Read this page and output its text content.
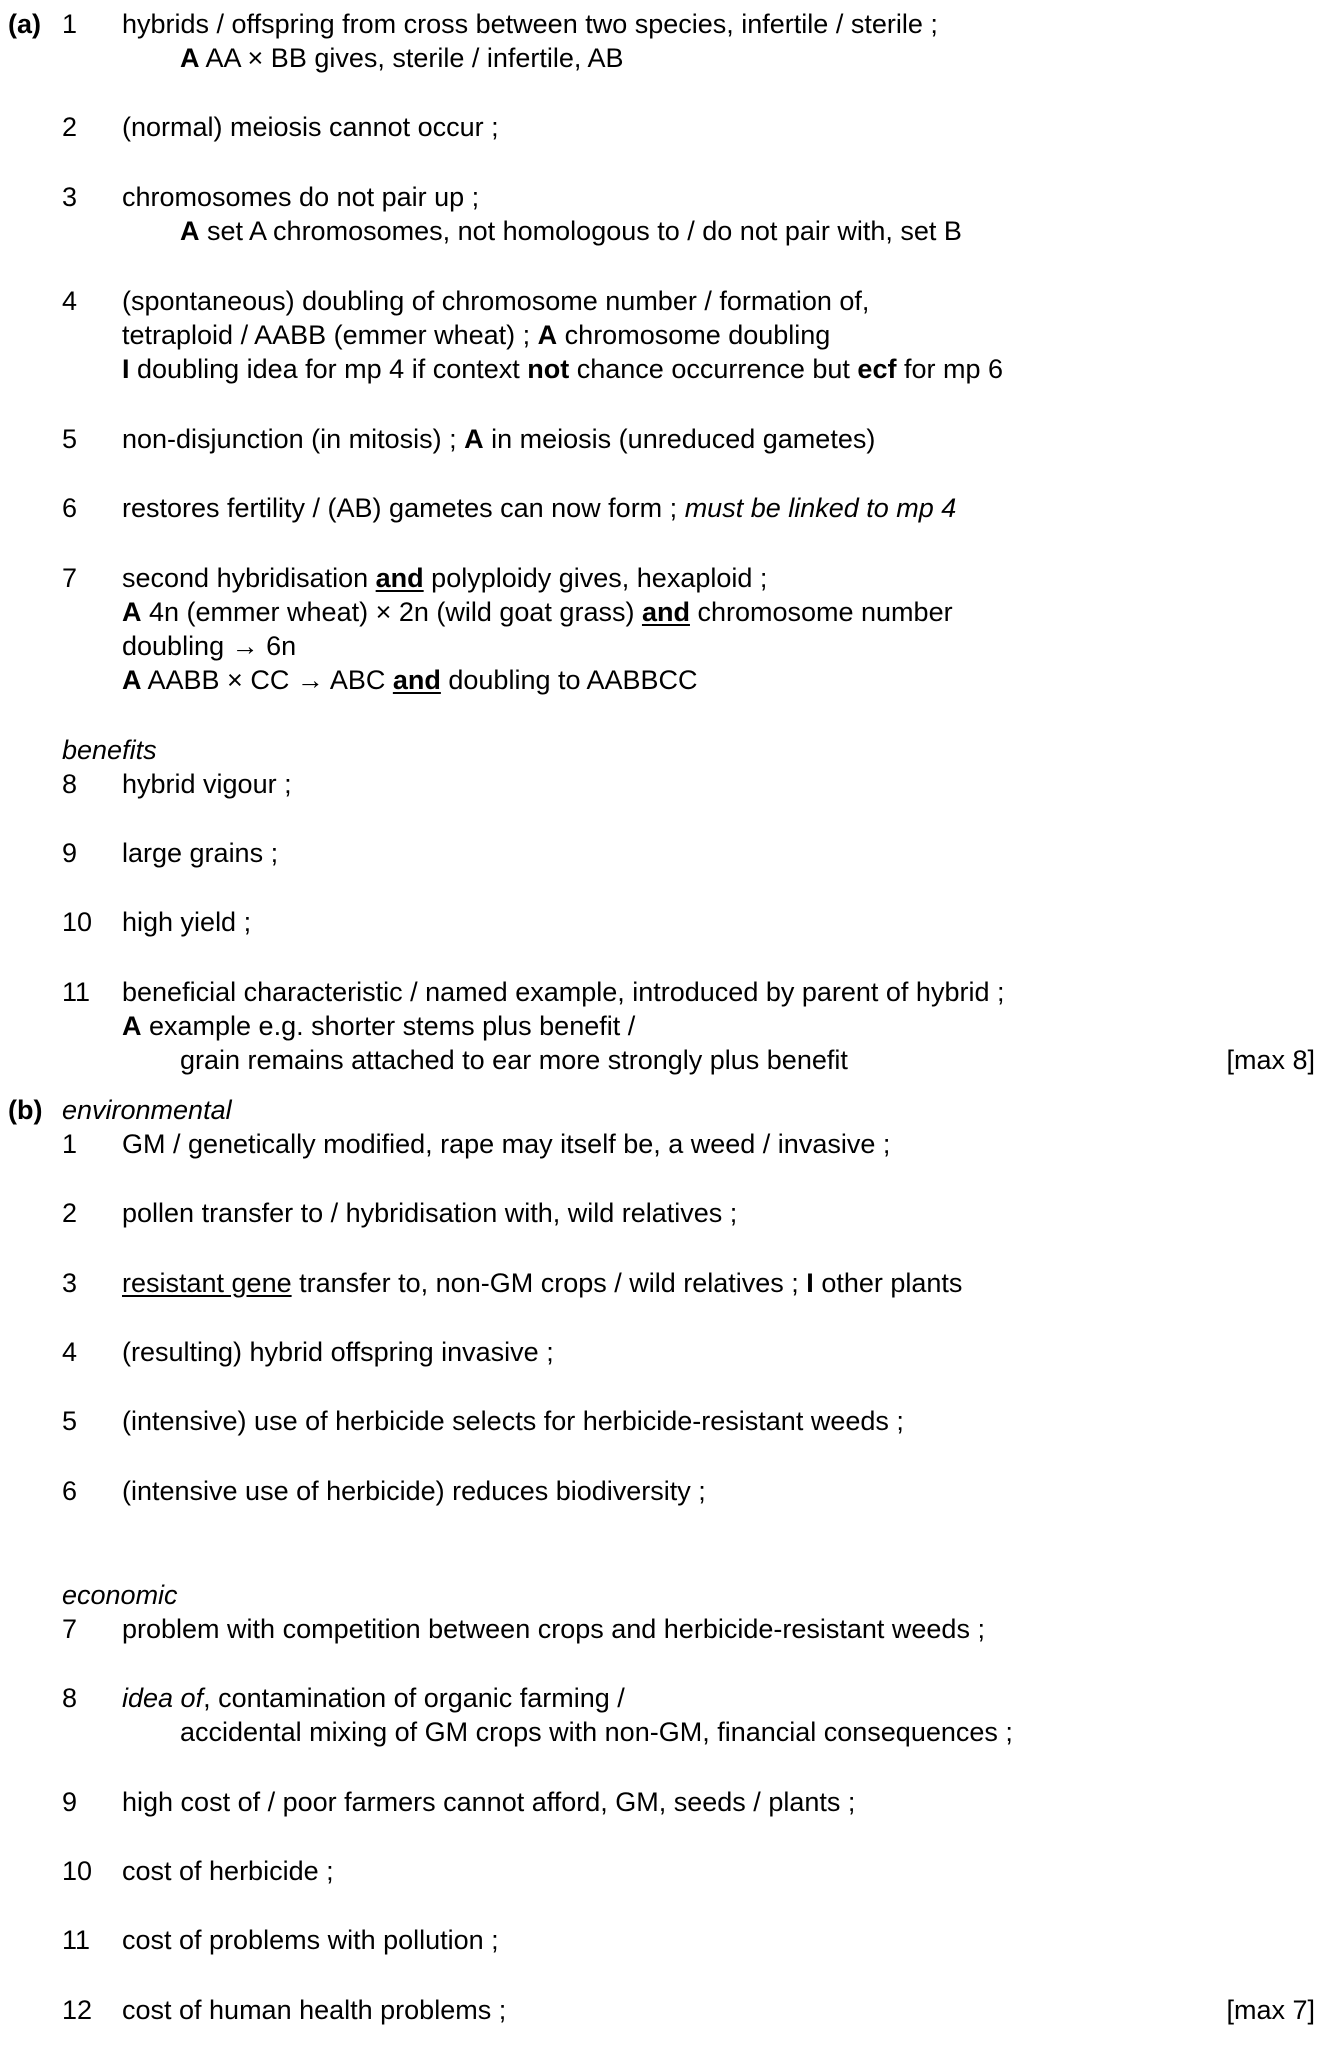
(a) 1 hybrids / offspring from cross between two species, infertile / sterile ;
A AA × BB gives, sterile / infertile, AB
2 (normal) meiosis cannot occur ;
3 chromosomes do not pair up ;
A set A chromosomes, not homologous to / do not pair with, set B
4 (spontaneous) doubling of chromosome number / formation of,
tetraploid / AABB (emmer wheat) ; A chromosome doubling
I doubling idea for mp 4 if context not chance occurrence but ecf for mp 6
5 non-disjunction (in mitosis) ; A in meiosis (unreduced gametes)
6 restores fertility / (AB) gametes can now form ; must be linked to mp 4
7 second hybridisation and polyploidy gives, hexaploid ;
A 4n (emmer wheat) × 2n (wild goat grass) and chromosome number
doubling → 6n
A AABB × CC → ABC and doubling to AABBCC
benefits
8 hybrid vigour ;
9 large grains ;
10 high yield ;
11 beneficial characteristic / named example, introduced by parent of hybrid ;
A example e.g. shorter stems plus benefit /
grain remains attached to ear more strongly plus benefit	[max 8]
(b) environmental
1 GM / genetically modified, rape may itself be, a weed / invasive ;
2 pollen transfer to / hybridisation with, wild relatives ;
3 resistant gene transfer to, non-GM crops / wild relatives ; I other plants
4 (resulting) hybrid offspring invasive ;
5 (intensive) use of herbicide selects for herbicide-resistant weeds ;
6 (intensive use of herbicide) reduces biodiversity ;
economic
7 problem with competition between crops and herbicide-resistant weeds ;
8 idea of, contamination of organic farming /
accidental mixing of GM crops with non-GM, financial consequences ;
9 high cost of / poor farmers cannot afford, GM, seeds / plants ;
10 cost of herbicide ;
11 cost of problems with pollution ;
12 cost of human health problems ;	[max 7]
